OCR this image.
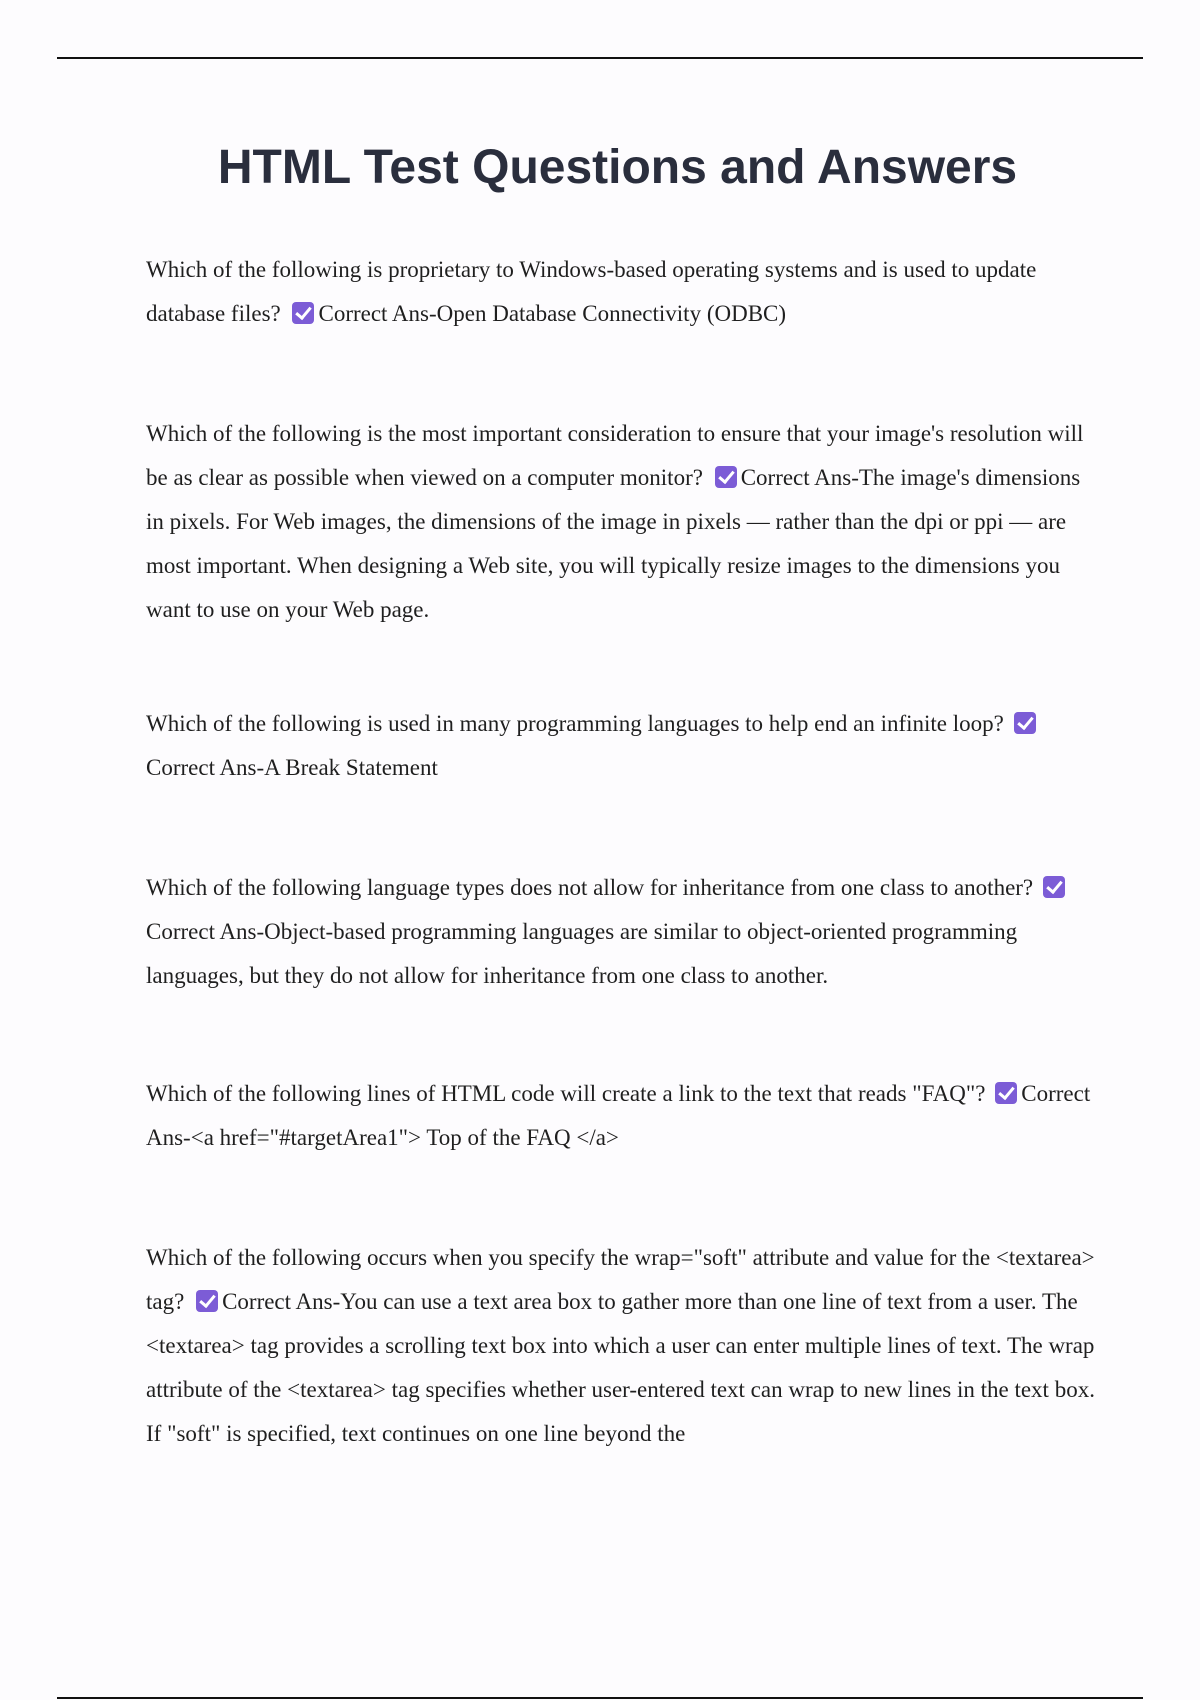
HTML Test Questions and Answers

Which of the following is proprietary to Windows-based operating systems and is used to update database files? Correct Ans-Open Database Connectivity (ODBC)

Which of the following is the most important consideration to ensure that your image's resolution will be as clear as possible when viewed on a computer monitor? Correct Ans-The image's dimensions in pixels. For Web images, the dimensions of the image in pixels — rather than the dpi or ppi — are most important. When designing a Web site, you will typically resize images to the dimensions you want to use on your Web page.

Which of the following is used in many programming languages to help end an infinite loop? Correct Ans-A Break Statement

Which of the following language types does not allow for inheritance from one class to another? Correct Ans-Object-based programming languages are similar to object-oriented programming languages, but they do not allow for inheritance from one class to another.

Which of the following lines of HTML code will create a link to the text that reads "FAQ"? Correct Ans-<a href="#targetArea1"> Top of the FAQ </a>

Which of the following occurs when you specify the wrap="soft" attribute and value for the <textarea> tag? Correct Ans-You can use a text area box to gather more than one line of text from a user. The <textarea> tag provides a scrolling text box into which a user can enter multiple lines of text. The wrap attribute of the <textarea> tag specifies whether user-entered text can wrap to new lines in the text box. If "soft" is specified, text continues on one line beyond the
